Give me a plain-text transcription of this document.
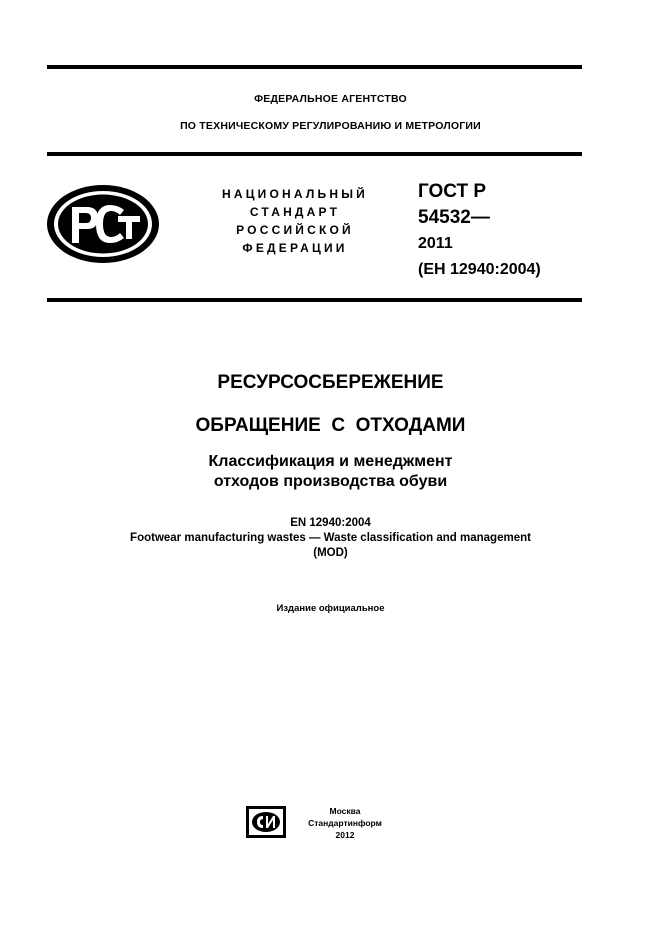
ФЕДЕРАЛЬНОЕ АГЕНТСТВО
ПО ТЕХНИЧЕСКОМУ РЕГУЛИРОВАНИЮ И МЕТРОЛОГИИ
НАЦИОНАЛЬНЫЙ
СТАНДАРТ
РОССИЙСКОЙ
ФЕДЕРАЦИИ
ГОСТ Р
54532—
2011
(ЕН 12940:2004)
РЕСУРСОСБЕРЕЖЕНИЕ
ОБРАЩЕНИЕ  С  ОТХОДАМИ
Классификация и менеджмент
отходов производства обуви
EN 12940:2004
Footwear manufacturing wastes — Waste classification and management
(MOD)
Издание официальное
Москва
Стандартинформ
2012
